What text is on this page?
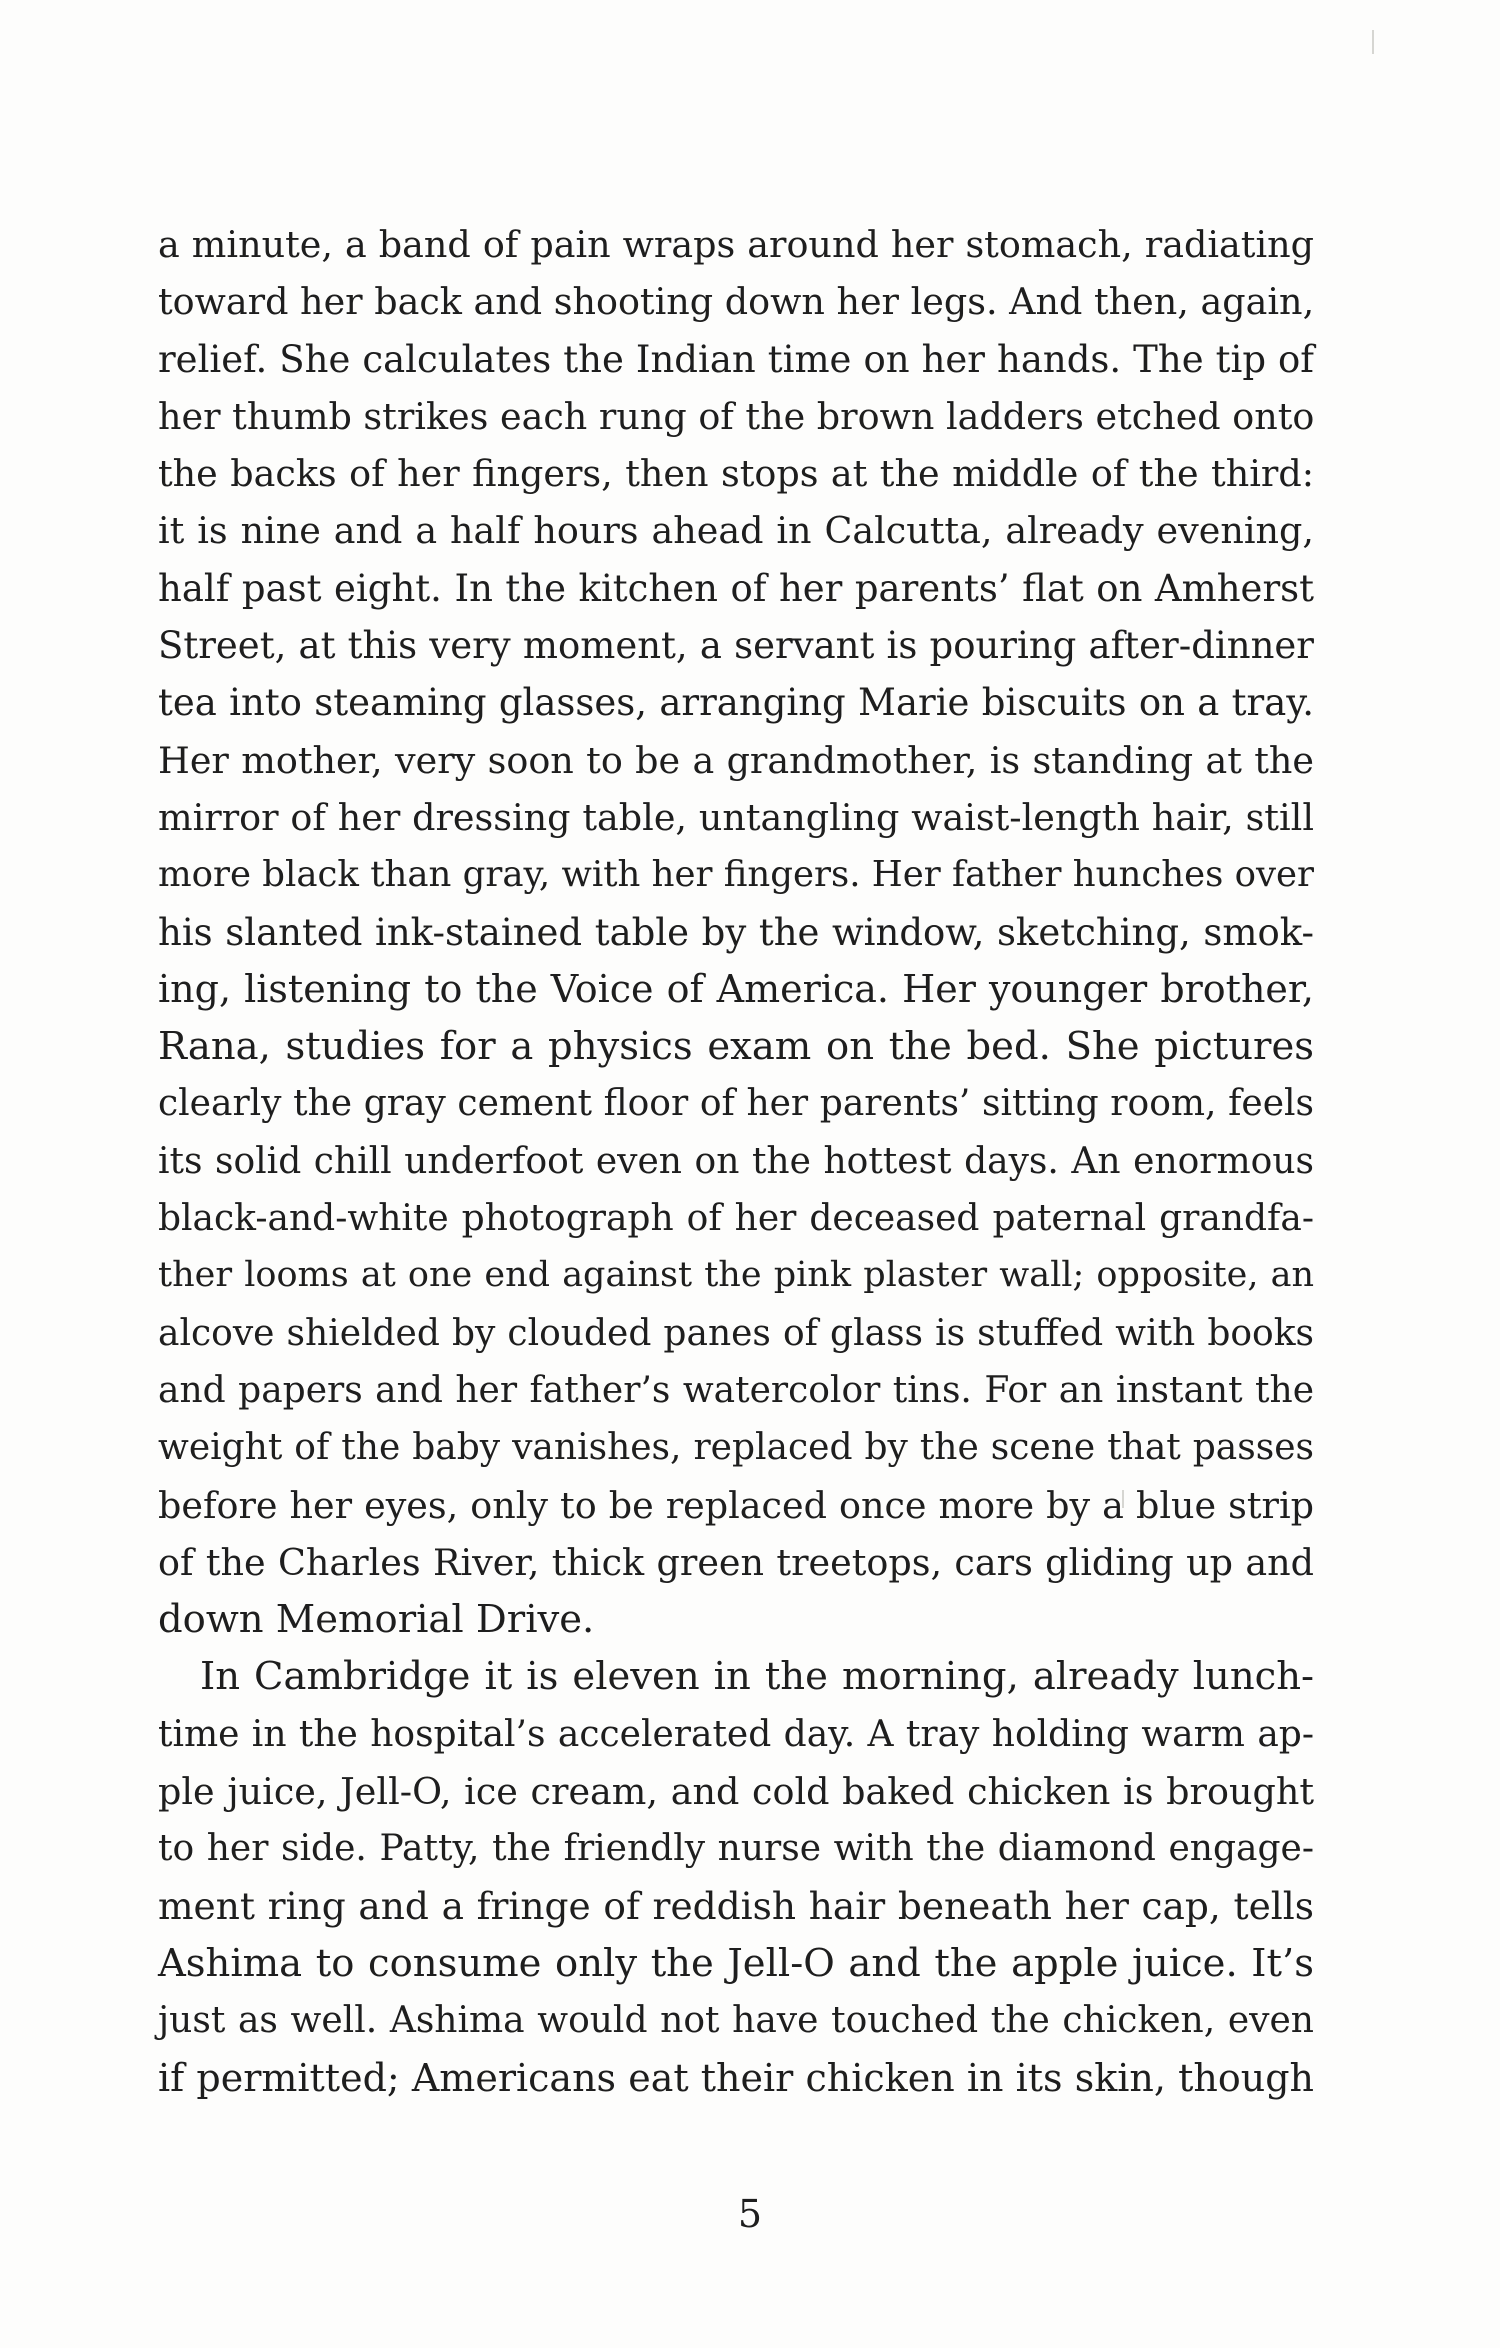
a minute, a band of pain wraps around her stomach, radiating
toward her back and shooting down her legs. And then, again,
relief. She calculates the Indian time on her hands. The tip of
her thumb strikes each rung of the brown ladders etched onto
the backs of her fingers, then stops at the middle of the third:
it is nine and a half hours ahead in Calcutta, already evening,
half past eight. In the kitchen of her parents’ flat on Amherst
Street, at this very moment, a servant is pouring after-dinner
tea into steaming glasses, arranging Marie biscuits on a tray.
Her mother, very soon to be a grandmother, is standing at the
mirror of her dressing table, untangling waist-length hair, still
more black than gray, with her fingers. Her father hunches over
his slanted ink-stained table by the window, sketching, smok-
ing, listening to the Voice of America. Her younger brother,
Rana, studies for a physics exam on the bed. She pictures
clearly the gray cement floor of her parents’ sitting room, feels
its solid chill underfoot even on the hottest days. An enormous
black-and-white photograph of her deceased paternal grandfa-
ther looms at one end against the pink plaster wall; opposite, an
alcove shielded by clouded panes of glass is stuffed with books
and papers and her father’s watercolor tins. For an instant the
weight of the baby vanishes, replaced by the scene that passes
before her eyes, only to be replaced once more by a blue strip
of the Charles River, thick green treetops, cars gliding up and
down Memorial Drive.
In Cambridge it is eleven in the morning, already lunch-
time in the hospital’s accelerated day. A tray holding warm ap-
ple juice, Jell-O, ice cream, and cold baked chicken is brought
to her side. Patty, the friendly nurse with the diamond engage-
ment ring and a fringe of reddish hair beneath her cap, tells
Ashima to consume only the Jell-O and the apple juice. It’s
just as well. Ashima would not have touched the chicken, even
if permitted; Americans eat their chicken in its skin, though
5
